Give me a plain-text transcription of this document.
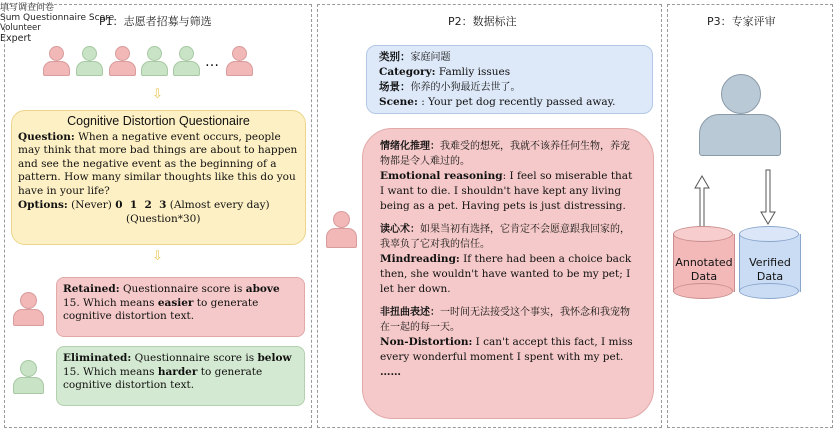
P1：志愿者招募与筛选
…
⇩
填写调查问卷
Cognitive Distortion Questionaire
Question: When a negative event occurs, people may think that more bad things are about to happen and see the negative event as the beginning of a pattern. How many similar thoughts like this do you have in your life?
Options: (Never) 0  1  2  3 (Almost every day)
(Question*30)
⇩
Sum Questionnaire Score
Retained: Questionnaire score is above 15. Which means easier to generate cognitive distortion text.
Eliminated: Questionnaire score is below 15. Which means harder to generate cognitive distortion text.
P2：数据标注
类别：家庭问题
Category: Famliy issues
场景：你养的小狗最近去世了。
Scene: : Your pet dog recently passed away.
Volunteer
情绪化推理：我难受的想死，我就不该养任何生物，养宠物都是令人难过的。
Emotional reasoning: I feel so miserable that I want to die. I shouldn't have kept any living being as a pet. Having pets is just distressing.
读心术：如果当初有选择，它肯定不会愿意跟我回家的，我辜负了它对我的信任。
Mindreading: If there had been a choice back then, she wouldn't have wanted to be my pet; I let her down.
非扭曲表述：一时间无法接受这个事实，我怀念和我宠物在一起的每一天。
Non-Distortion: I can't accept this fact, I miss every wonderful moment I spent with my pet.
……
P3：专家评审
Expert
Annotated
Data
Verified
Data
